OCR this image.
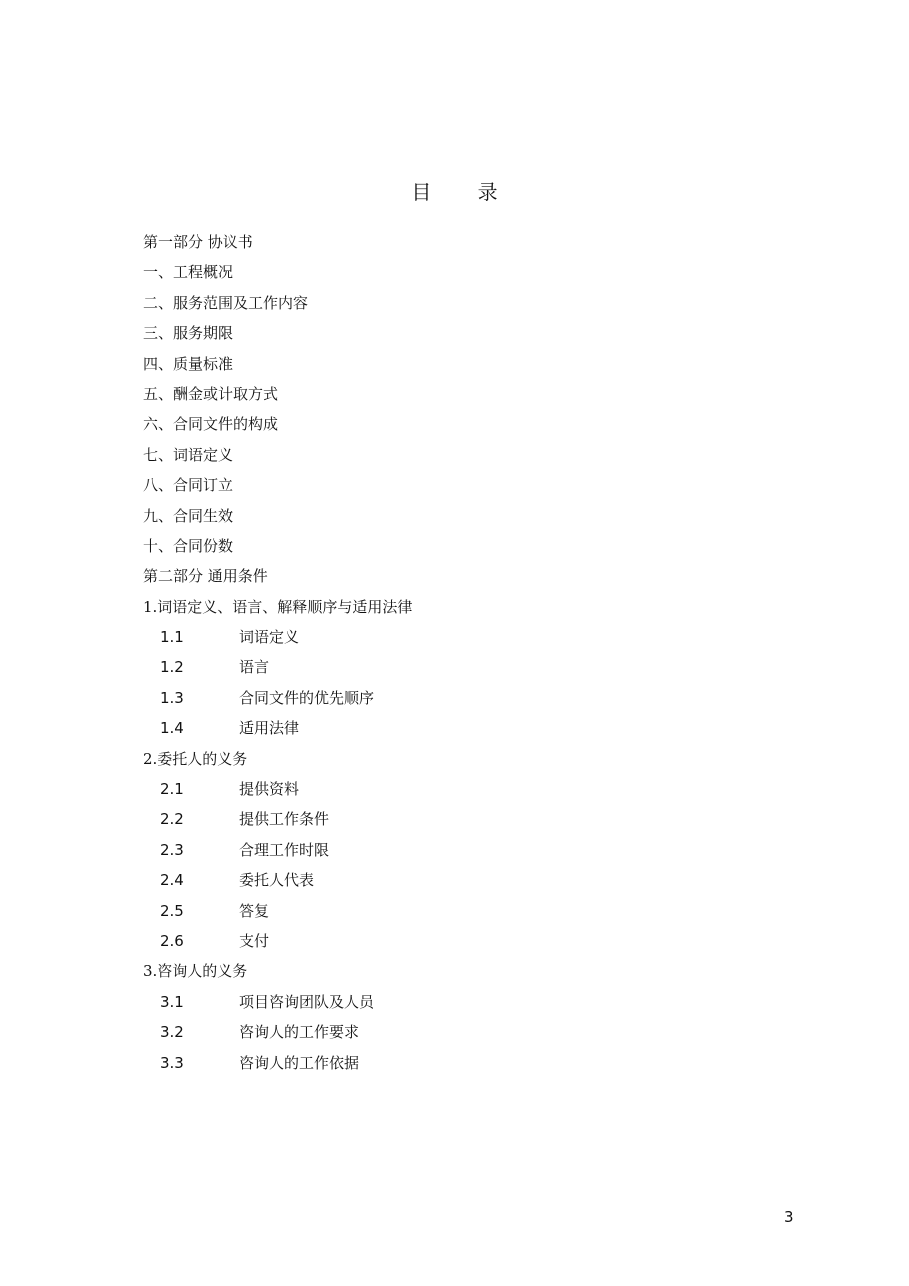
目 录
第一部分 协议书
一、工程概况
二、服务范围及工作内容
三、服务期限
四、质量标准
五、酬金或计取方式
六、合同文件的构成
七、词语定义
八、合同订立
九、合同生效
十、合同份数
第二部分 通用条件
1.词语定义、语言、解释顺序与适用法律
1.1	词语定义
1.2	语言
1.3	合同文件的优先顺序
1.4	适用法律
2.委托人的义务
2.1	提供资料
2.2	提供工作条件
2.3	合理工作时限
2.4	委托人代表
2.5	答复
2.6	支付
3.咨询人的义务
3.1	项目咨询团队及人员
3.2	咨询人的工作要求
3.3	咨询人的工作依据
3
